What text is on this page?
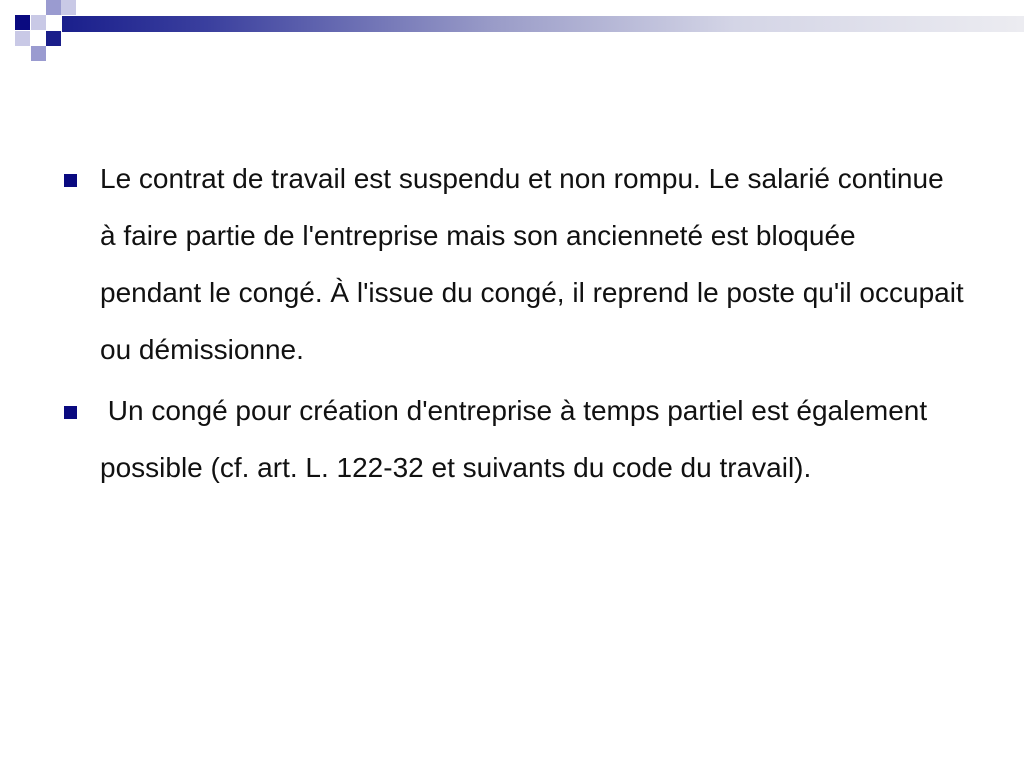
Le contrat de travail est suspendu et non rompu. Le salarié continue à faire partie de l'entreprise mais son ancienneté est bloquée pendant le congé. À l'issue du congé, il reprend le poste qu'il occupait ou démissionne.
Un congé pour création d'entreprise à temps partiel est également possible (cf. art. L. 122-32 et suivants du code du travail).
